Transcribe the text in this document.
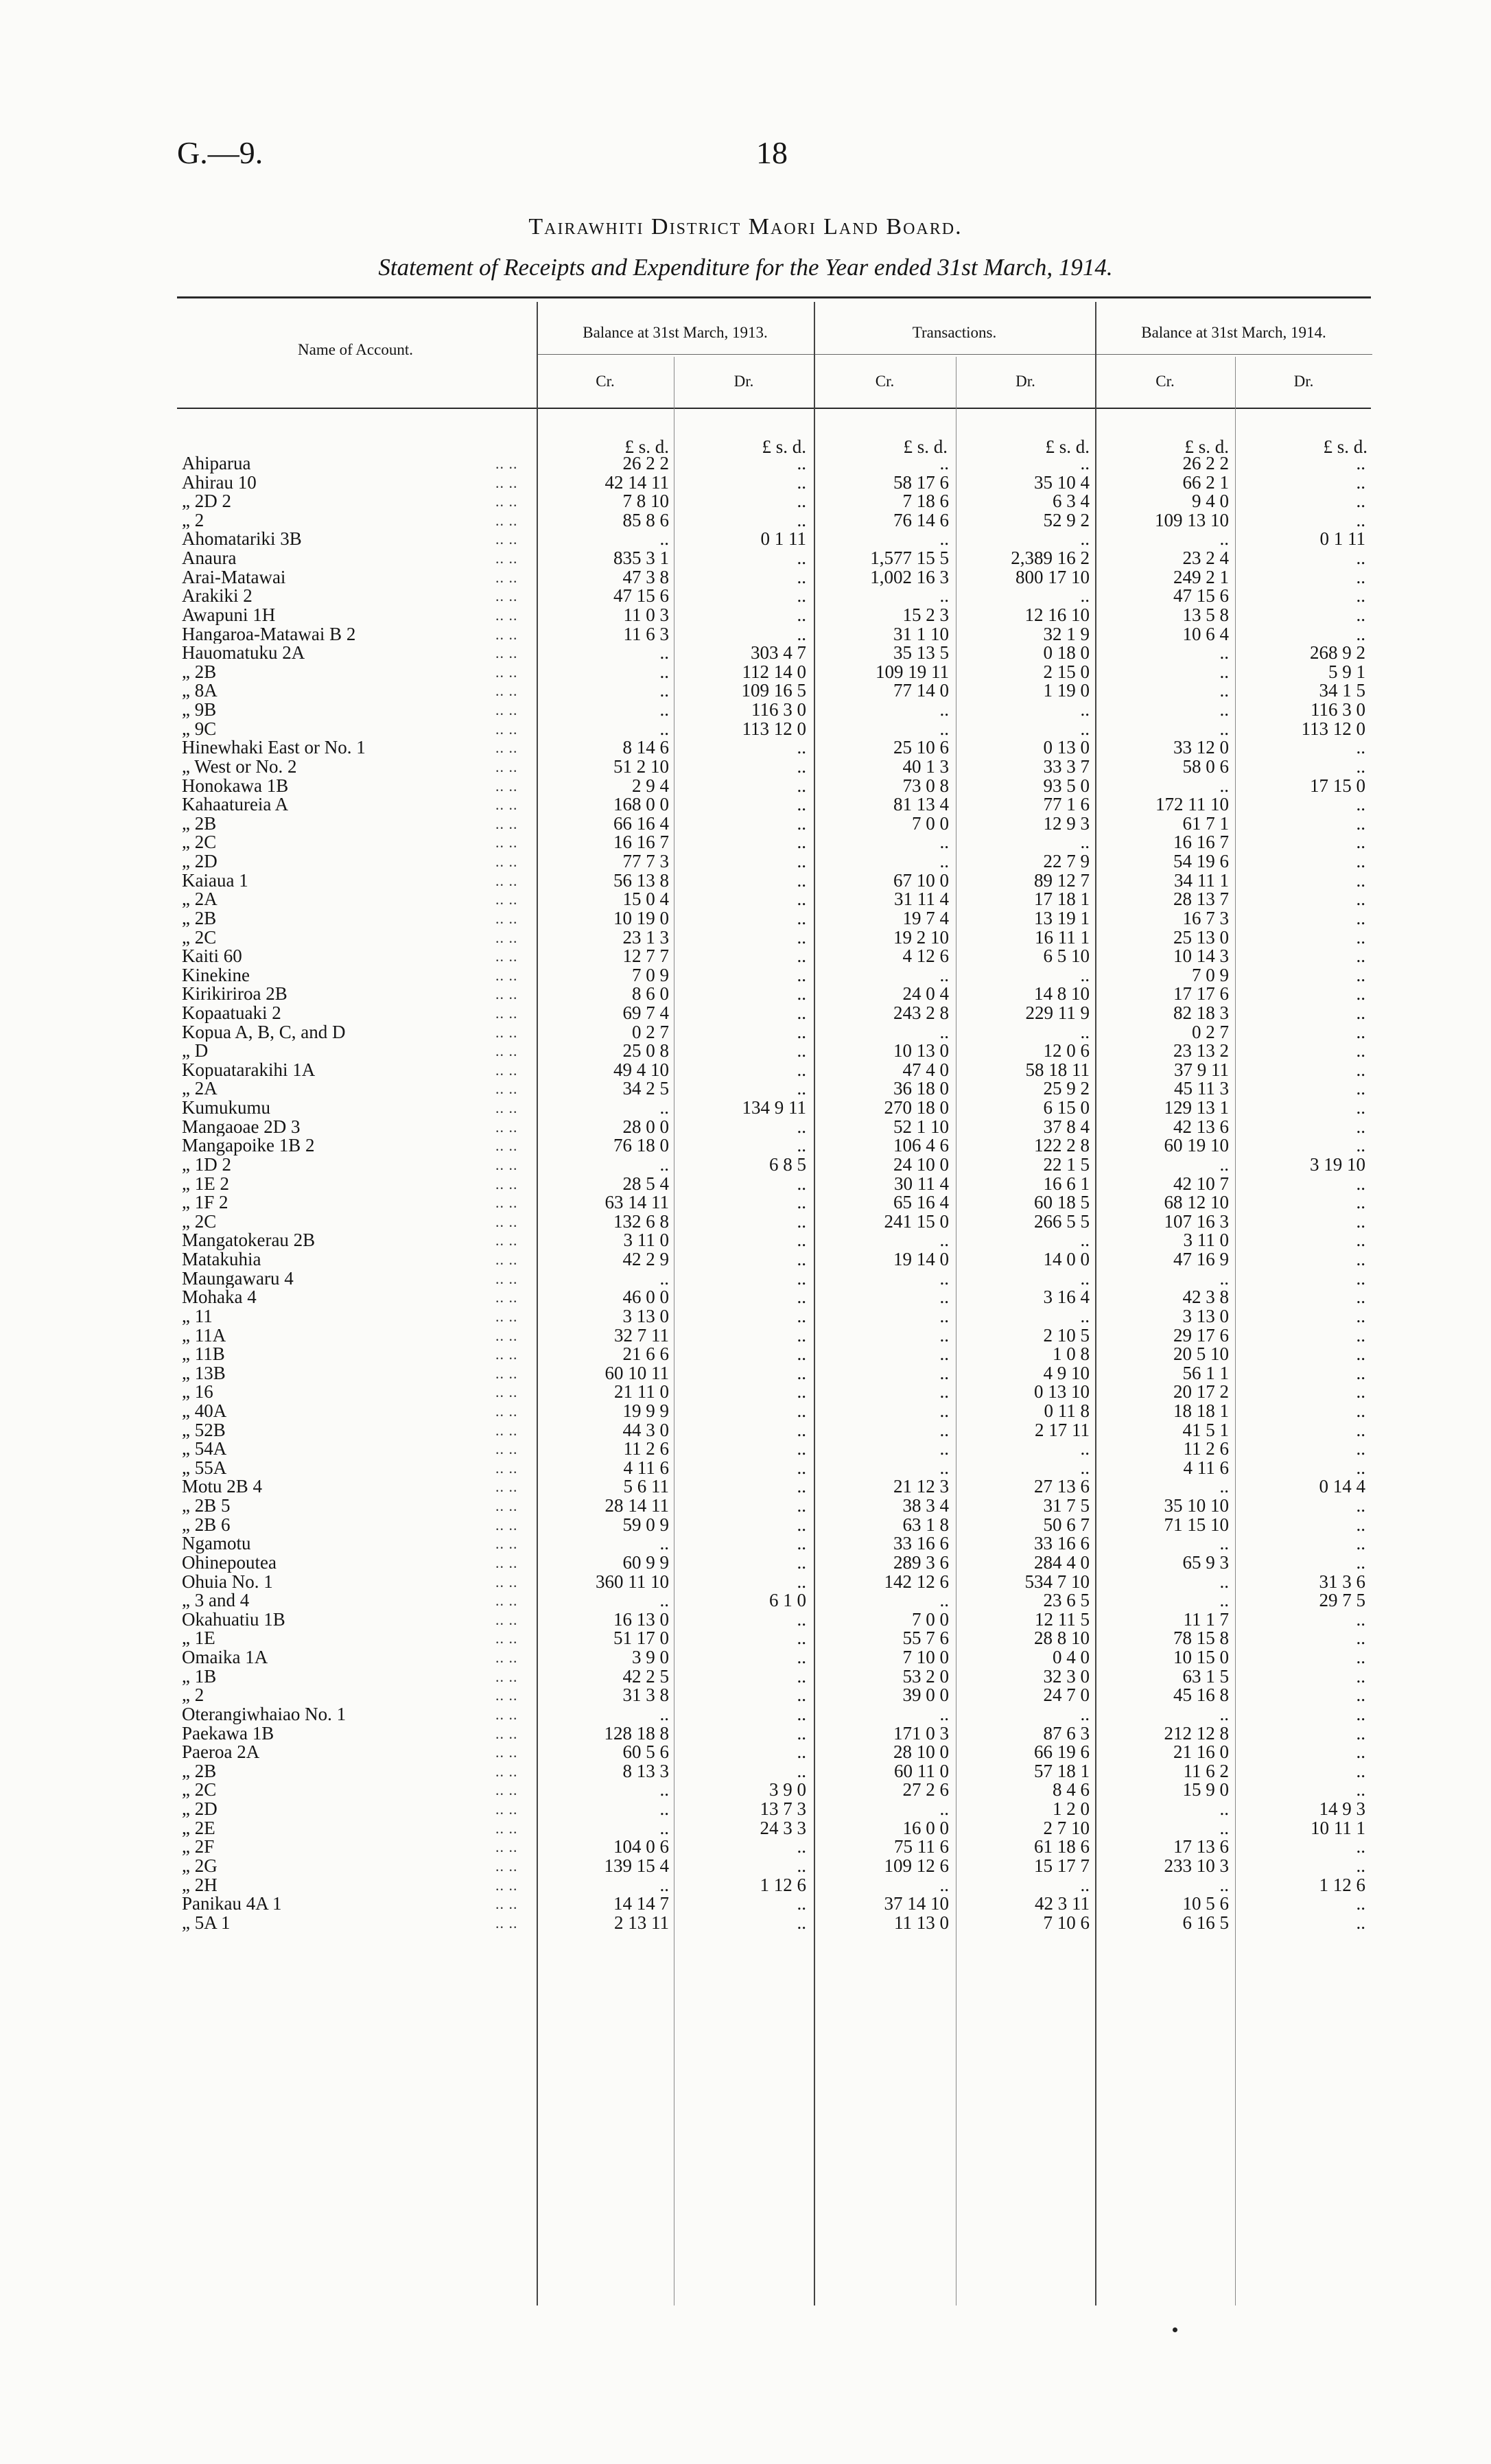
G.—9.	18
Tairawhiti District Maori Land Board.
Statement of Receipts and Expenditure for the Year ended 31st March, 1914.
Name of Account.
Balance at 31st March, 1913.	Transactions.	Balance at 31st March, 1914.
Cr.	Dr.	Cr.	Dr.	Cr.	Dr.
£ s. d.	£ s. d.	£ s. d.	£ s. d.	£ s. d.	£ s. d.
Ahiparua	.. ..	26 2 2	..	..	..	26 2 2	..
Ahirau 10	.. ..	42 14 11	..	58 17 6	35 10 4	66 2 1	..
„ 2D 2	.. ..	7 8 10	..	7 18 6	6 3 4	9 4 0	..
„ 2	.. ..	85 8 6	..	76 14 6	52 9 2	109 13 10	..
Ahomatariki 3B	.. ..	..	0 1 11	..	..	..	0 1 11
Anaura	.. ..	835 3 1	..	1,577 15 5	2,389 16 2	23 2 4	..
Arai-Matawai	.. ..	47 3 8	..	1,002 16 3	800 17 10	249 2 1	..
Arakiki 2	.. ..	47 15 6	..	..	..	47 15 6	..
Awapuni 1H	.. ..	11 0 3	..	15 2 3	12 16 10	13 5 8	..
Hangaroa-Matawai B 2	.. ..	11 6 3	..	31 1 10	32 1 9	10 6 4	..
Hauomatuku 2A	.. ..	..	303 4 7	35 13 5	0 18 0	..	268 9 2
„ 2B	.. ..	..	112 14 0	109 19 11	2 15 0	..	5 9 1
„ 8A	.. ..	..	109 16 5	77 14 0	1 19 0	..	34 1 5
„ 9B	.. ..	..	116 3 0	..	..	..	116 3 0
„ 9C	.. ..	..	113 12 0	..	..	..	113 12 0
Hinewhaki East or No. 1	.. ..	8 14 6	..	25 10 6	0 13 0	33 12 0	..
„ West or No. 2	.. ..	51 2 10	..	40 1 3	33 3 7	58 0 6	..
Honokawa 1B	.. ..	2 9 4	..	73 0 8	93 5 0	..	17 15 0
Kahaatureia A	.. ..	168 0 0	..	81 13 4	77 1 6	172 11 10	..
„ 2B	.. ..	66 16 4	..	7 0 0	12 9 3	61 7 1	..
„ 2C	.. ..	16 16 7	..	..	..	16 16 7	..
„ 2D	.. ..	77 7 3	..	..	22 7 9	54 19 6	..
Kaiaua 1	.. ..	56 13 8	..	67 10 0	89 12 7	34 11 1	..
„ 2A	.. ..	15 0 4	..	31 11 4	17 18 1	28 13 7	..
„ 2B	.. ..	10 19 0	..	19 7 4	13 19 1	16 7 3	..
„ 2C	.. ..	23 1 3	..	19 2 10	16 11 1	25 13 0	..
Kaiti 60	.. ..	12 7 7	..	4 12 6	6 5 10	10 14 3	..
Kinekine	.. ..	7 0 9	..	..	..	7 0 9	..
Kirikiriroa 2B	.. ..	8 6 0	..	24 0 4	14 8 10	17 17 6	..
Kopaatuaki 2	.. ..	69 7 4	..	243 2 8	229 11 9	82 18 3	..
Kopua A, B, C, and D	.. ..	0 2 7	..	..	..	0 2 7	..
„ D	.. ..	25 0 8	..	10 13 0	12 0 6	23 13 2	..
Kopuatarakihi 1A	.. ..	49 4 10	..	47 4 0	58 18 11	37 9 11	..
„ 2A	.. ..	34 2 5	..	36 18 0	25 9 2	45 11 3	..
Kumukumu	.. ..	..	134 9 11	270 18 0	6 15 0	129 13 1	..
Mangaoae 2D 3	.. ..	28 0 0	..	52 1 10	37 8 4	42 13 6	..
Mangapoike 1B 2	.. ..	76 18 0	..	106 4 6	122 2 8	60 19 10	..
„ 1D 2	.. ..	..	6 8 5	24 10 0	22 1 5	..	3 19 10
„ 1E 2	.. ..	28 5 4	..	30 11 4	16 6 1	42 10 7	..
„ 1F 2	.. ..	63 14 11	..	65 16 4	60 18 5	68 12 10	..
„ 2C	.. ..	132 6 8	..	241 15 0	266 5 5	107 16 3	..
Mangatokerau 2B	.. ..	3 11 0	..	..	..	3 11 0	..
Matakuhia	.. ..	42 2 9	..	19 14 0	14 0 0	47 16 9	..
Maungawaru 4	.. ..	..	..	..	..	..	..
Mohaka 4	.. ..	46 0 0	..	..	3 16 4	42 3 8	..
„ 11	.. ..	3 13 0	..	..	..	3 13 0	..
„ 11A	.. ..	32 7 11	..	..	2 10 5	29 17 6	..
„ 11B	.. ..	21 6 6	..	..	1 0 8	20 5 10	..
„ 13B	.. ..	60 10 11	..	..	4 9 10	56 1 1	..
„ 16	.. ..	21 11 0	..	..	0 13 10	20 17 2	..
„ 40A	.. ..	19 9 9	..	..	0 11 8	18 18 1	..
„ 52B	.. ..	44 3 0	..	..	2 17 11	41 5 1	..
„ 54A	.. ..	11 2 6	..	..	..	11 2 6	..
„ 55A	.. ..	4 11 6	..	..	..	4 11 6	..
Motu 2B 4	.. ..	5 6 11	..	21 12 3	27 13 6	..	0 14 4
„ 2B 5	.. ..	28 14 11	..	38 3 4	31 7 5	35 10 10	..
„ 2B 6	.. ..	59 0 9	..	63 1 8	50 6 7	71 15 10	..
Ngamotu	.. ..	..	..	33 16 6	33 16 6	..	..
Ohinepoutea	.. ..	60 9 9	..	289 3 6	284 4 0	65 9 3	..
Ohuia No. 1	.. ..	360 11 10	..	142 12 6	534 7 10	..	31 3 6
„ 3 and 4	.. ..	..	6 1 0	..	23 6 5	..	29 7 5
Okahuatiu 1B	.. ..	16 13 0	..	7 0 0	12 11 5	11 1 7	..
„ 1E	.. ..	51 17 0	..	55 7 6	28 8 10	78 15 8	..
Omaika 1A	.. ..	3 9 0	..	7 10 0	0 4 0	10 15 0	..
„ 1B	.. ..	42 2 5	..	53 2 0	32 3 0	63 1 5	..
„ 2	.. ..	31 3 8	..	39 0 0	24 7 0	45 16 8	..
Oterangiwhaiao No. 1	.. ..	..	..	..	..	..	..
Paekawa 1B	.. ..	128 18 8	..	171 0 3	87 6 3	212 12 8	..
Paeroa 2A	.. ..	60 5 6	..	28 10 0	66 19 6	21 16 0	..
„ 2B	.. ..	8 13 3	..	60 11 0	57 18 1	11 6 2	..
„ 2C	.. ..	..	3 9 0	27 2 6	8 4 6	15 9 0	..
„ 2D	.. ..	..	13 7 3	..	1 2 0	..	14 9 3
„ 2E	.. ..	..	24 3 3	16 0 0	2 7 10	..	10 11 1
„ 2F	.. ..	104 0 6	..	75 11 6	61 18 6	17 13 6	..
„ 2G	.. ..	139 15 4	..	109 12 6	15 17 7	233 10 3	..
„ 2H	.. ..	..	1 12 6	..	..	..	1 12 6
Panikau 4A 1	.. ..	14 14 7	..	37 14 10	42 3 11	10 5 6	..
„ 5A 1	.. ..	2 13 11	..	11 13 0	7 10 6	6 16 5	..
